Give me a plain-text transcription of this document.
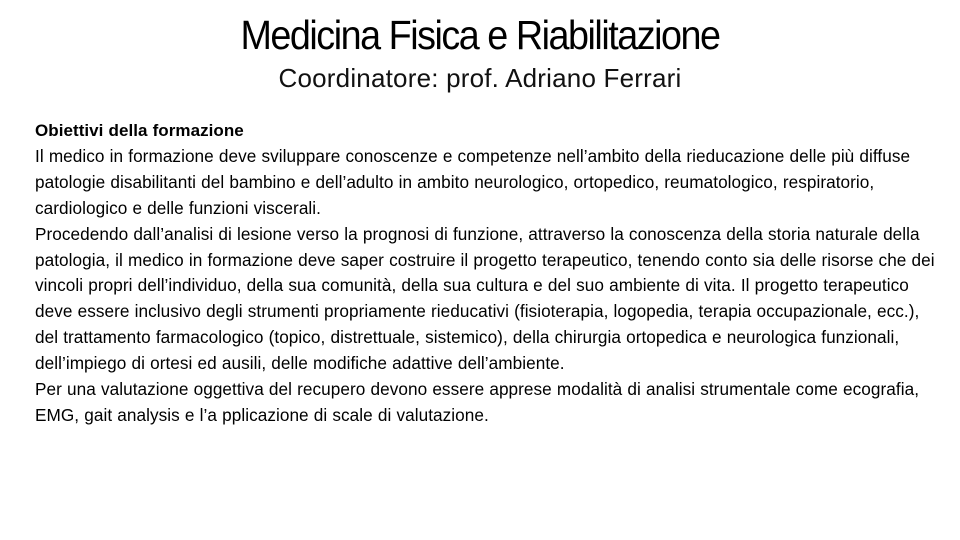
Medicina Fisica e Riabilitazione
Coordinatore: prof. Adriano Ferrari

Obiettivi della formazione

Il medico in formazione deve sviluppare conoscenze e competenze nell’ambito della rieducazione delle più diffuse patologie disabilitanti del bambino e dell’adulto in ambito neurologico, ortopedico, reumatologico, respiratorio, cardiologico e delle funzioni viscerali.

Procedendo dall’analisi di lesione verso la prognosi di funzione, attraverso la conoscenza della storia naturale della patologia, il medico in formazione deve saper costruire il progetto terapeutico, tenendo conto sia delle risorse che dei vincoli propri dell’individuo, della sua comunità, della sua cultura e del suo ambiente di vita. Il progetto terapeutico deve essere inclusivo degli strumenti propriamente rieducativi (fisioterapia, logopedia, terapia occupazionale, ecc.), del trattamento farmacologico (topico, distrettuale, sistemico), della chirurgia ortopedica e neurologica funzionali, dell’impiego di ortesi ed ausili, delle modifiche adattive dell’ambiente.

Per una valutazione oggettiva del recupero devono essere apprese modalità di analisi strumentale come ecografia, EMG, gait analysis e l’a pplicazione di scale di valutazione.
